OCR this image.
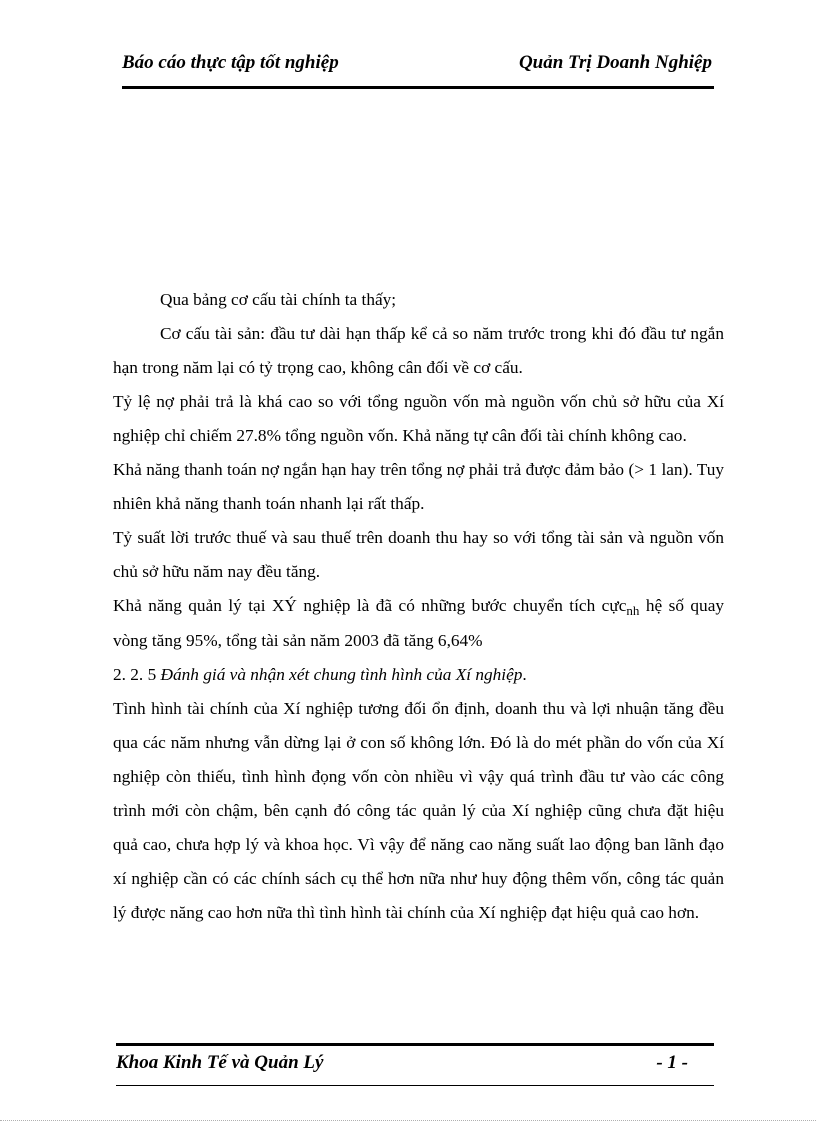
Báo cáo thực tập tốt nghiệp	Quản Trị Doanh Nghiệp

Qua bảng cơ cấu tài chính ta thấy;

Cơ cấu tài sản: đầu tư dài hạn thấp kể cả so năm trước trong khi đó đầu tư ngắn hạn trong năm lại có tỷ trọng cao, không cân đối về cơ cấu.

Tỷ lệ nợ phải trả là khá cao so với tổng nguồn vốn mà nguồn vốn chủ sở hữu của Xí nghiệp chỉ chiếm 27.8% tổng nguồn vốn. Khả năng tự cân đối tài chính không cao.

Khả năng thanh toán nợ ngắn hạn hay trên tổng nợ phải trả được đảm bảo (> 1 lan). Tuy nhiên khả năng thanh toán nhanh lại rất thấp.

Tỷ suất lời trước thuế và sau thuế trên doanh thu hay so với tổng tài sản và nguồn vốn chủ sở hữu năm nay đều tăng.

Khả năng quản lý tại XÝ nghiệp là đã có những bước chuyển tích cực$_{nh}$ hệ số quay vòng tăng 95%, tổng tài sản năm 2003 đã tăng 6,64%

2. 2. 5 Đánh giá và nhận xét chung tình hình của Xí nghiệp.

Tình hình tài chính của Xí nghiệp tương đối ổn định, doanh thu và lợi nhuận tăng đều qua các năm nhưng vẫn dừng lại ở con số không lớn. Đó là do mét phần do vốn của Xí nghiệp còn thiếu, tình hình đọng vốn còn nhiều vì vậy quá trình đầu tư vào các công trình mới còn chậm, bên cạnh đó công tác quản lý của Xí nghiệp cũng chưa đặt hiệu quả cao, chưa hợp lý và khoa học. Vì vậy để năng cao năng suất lao động ban lãnh đạo xí nghiệp cần có các chính sách cụ thể hơn nữa như huy động thêm vốn, công tác quản lý được năng cao hơn nữa thì tình hình tài chính của Xí nghiệp đạt hiệu quả cao hơn.

Khoa Kinh Tế và Quản Lý	- 1 -
